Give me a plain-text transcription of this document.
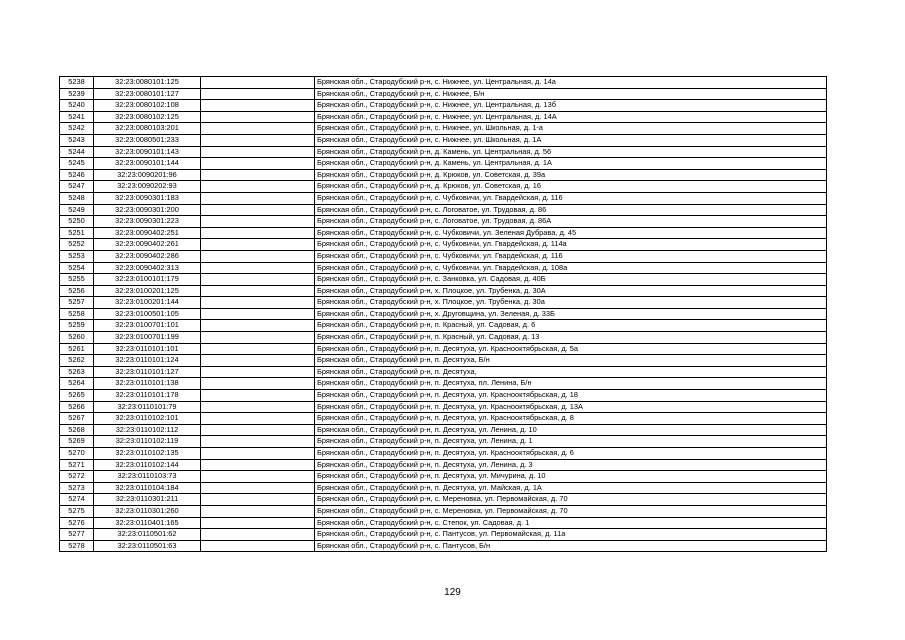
5238	32:23:0080101:125		Брянская обл., Стародубский р-н, с. Нижнее, ул. Центральная, д. 14а
5239	32:23:0080101:127		Брянская обл., Стародубский р-н, с. Нижнее, Б/н
5240	32:23:0080102:108		Брянская обл., Стародубский р-н, с. Нижнее, ул. Центральная, д. 13б
5241	32:23:0080102:125		Брянская обл., Стародубский р-н, с. Нижнее, ул. Центральная, д. 14А
5242	32:23:0080103:201		Брянская обл., Стародубский р-н, с. Нижнее, ул. Школьная, д. 1-а
5243	32:23:0080501:233		Брянская обл., Стародубский р-н, с. Нижнее, ул. Школьная, д. 1А
5244	32:23:0090101:143		Брянская обл., Стародубский р-н, д. Камень, ул. Центральная, д. 56
5245	32:23:0090101:144		Брянская обл., Стародубский р-н, д. Камень, ул. Центральная, д. 1А
5246	32:23:0090201:96		Брянская обл., Стародубский р-н, д. Крюков, ул. Советская, д. 39а
5247	32:23:0090202:93		Брянская обл., Стародубский р-н, д. Крюков, ул. Советская, д. 16
5248	32:23:0090301:183		Брянская обл., Стародубский р-н, с. Чубковичи, ул. Гвардейская, д. 116
5249	32:23:0090301:200		Брянская обл., Стародубский р-н, с. Логоватое, ул. Трудовая, д. 86
5250	32:23:0090301:223		Брянская обл., Стародубский р-н, с. Логоватое, ул. Трудовая, д. 86А
5251	32:23:0090402:251		Брянская обл., Стародубский р-н, с. Чубковичи, ул. Зеленая Дубрава, д. 45
5252	32:23:0090402:261		Брянская обл., Стародубский р-н, с. Чубковичи, ул. Гвардейская, д. 114а
5253	32:23:0090402:286		Брянская обл., Стародубский р-н, с. Чубковичи, ул. Гвардейская, д. 116
5254	32:23:0090402:313		Брянская обл., Стародубский р-н, с. Чубковичи, ул. Гвардейская, д. 108а
5255	32:23:0100101:179		Брянская обл., Стародубский р-н, с. Занковка, ул. Садовая, д. 40Б
5256	32:23:0100201:125		Брянская обл., Стародубский р-н, х. Плоцкое, ул. Трубенка, д. 30А
5257	32:23:0100201:144		Брянская обл., Стародубский р-н, х. Плоцкое, ул. Трубенка, д. 30а
5258	32:23:0100501:105		Брянская обл., Стародубский р-н, х. Друговщина, ул. Зеленая, д. 33Б
5259	32:23:0100701:101		Брянская обл., Стародубский р-н, п. Красный, ул. Садовая, д. 6
5260	32:23:0100701:199		Брянская обл., Стародубский р-н, п. Красный, ул. Садовая, д. 13
5261	32:23:0110101:101		Брянская обл., Стародубский р-н, п. Десятуха, ул. Краснооктябрьская, д. 5а
5262	32:23:0110101:124		Брянская обл., Стародубский р-н, п. Десятуха, Б/н
5263	32:23:0110101:127		Брянская обл., Стародубский р-н, п. Десятуха,
5264	32:23:0110101:138		Брянская обл., Стародубский р-н, п. Десятуха, пл. Ленина, Б/н
5265	32:23:0110101:178		Брянская обл., Стародубский р-н, п. Десятуха, ул. Краснооктябрьская, д. 18
5266	32:23:0110101:79		Брянская обл., Стародубский р-н, п. Десятуха, ул. Краснооктябрьская, д. 13А
5267	32:23:0110102:101		Брянская обл., Стародубский р-н, п. Десятуха, ул. Краснооктябрьская, д. 8
5268	32:23:0110102:112		Брянская обл., Стародубский р-н, п. Десятуха, ул. Ленина, д. 10
5269	32:23:0110102:119		Брянская обл., Стародубский р-н, п. Десятуха, ул. Ленина, д. 1
5270	32:23:0110102:135		Брянская обл., Стародубский р-н, п. Десятуха, ул. Краснооктябрьская, д. 6
5271	32:23:0110102:144		Брянская обл., Стародубский р-н, п. Десятуха, ул. Ленина, д. 3
5272	32:23:0110103:73		Брянская обл., Стародубский р-н, п. Десятуха, ул. Мичурина, д. 10
5273	32:23:0110104:184		Брянская обл., Стародубский р-н, п. Десятуха, ул. Майская, д. 1А
5274	32:23:0110301:211		Брянская обл., Стародубский р-н, с. Мереновка, ул. Первомайская, д. 70
5275	32:23:0110301:260		Брянская обл., Стародубский р-н, с. Мереновка, ул. Первомайская, д. 70
5276	32:23:0110401:165		Брянская обл., Стародубский р-н, с. Степок, ул. Садовая, д. 1
5277	32:23:0110501:62		Брянская обл., Стародубский р-н, с. Пантусов, ул. Первомайская, д. 11а
5278	32:23:0110501:63		Брянская обл., Стародубский р-н, с. Пантусов, Б/н
129
